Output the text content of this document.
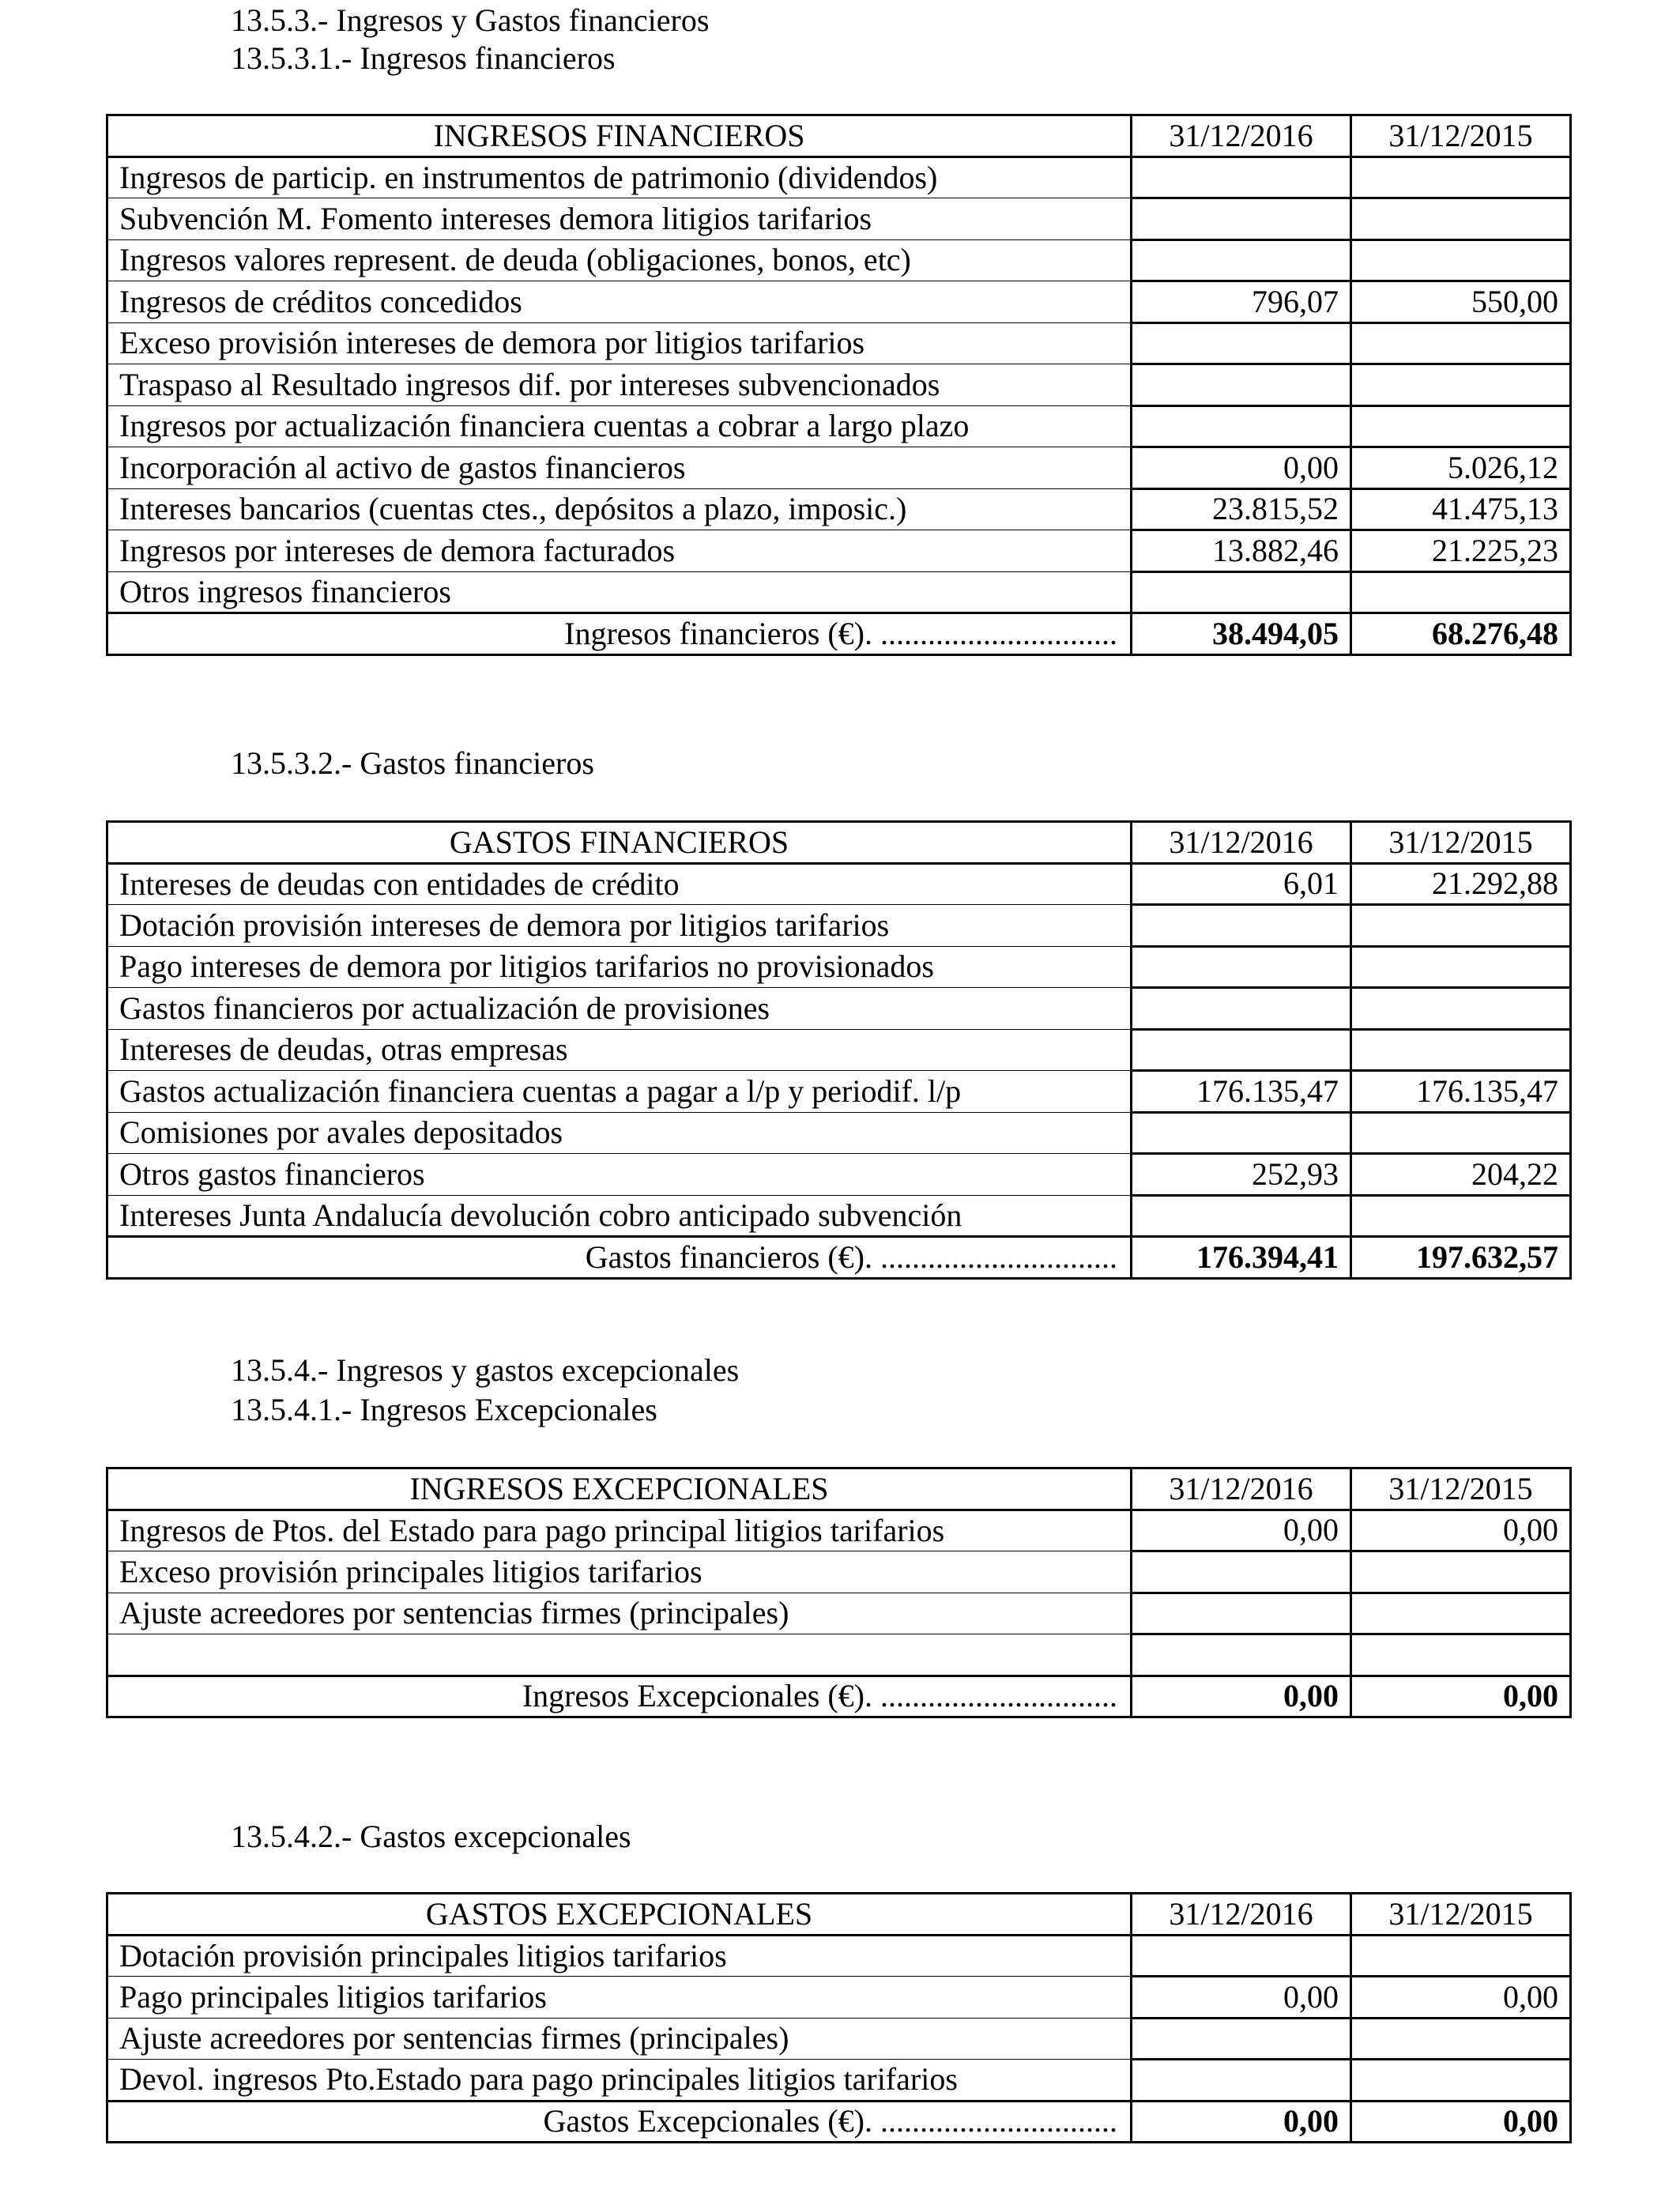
13.5.3.- Ingresos y Gastos financieros
13.5.3.1.- Ingresos financieros
INGRESOS FINANCIEROS	31/12/2016	31/12/2015
Ingresos de particip. en instrumentos de patrimonio (dividendos)		
Subvención M. Fomento intereses demora litigios tarifarios		
Ingresos valores represent. de deuda (obligaciones, bonos, etc)		
Ingresos de créditos concedidos	796,07	550,00
Exceso provisión intereses de demora por litigios tarifarios		
Traspaso al Resultado ingresos dif. por intereses subvencionados		
Ingresos por actualización financiera cuentas a cobrar a largo plazo		
Incorporación al activo de gastos financieros	0,00	5.026,12
Intereses bancarios (cuentas ctes., depósitos a plazo, imposic.)	23.815,52	41.475,13
Ingresos por intereses de demora facturados	13.882,46	21.225,23
Otros ingresos financieros		
Ingresos financieros (€). ..............................	38.494,05	68.276,48
13.5.3.2.- Gastos financieros
GASTOS FINANCIEROS	31/12/2016	31/12/2015
Intereses de deudas con entidades de crédito	6,01	21.292,88
Dotación provisión intereses de demora por litigios tarifarios		
Pago intereses de demora por litigios tarifarios no provisionados		
Gastos financieros por actualización de provisiones		
Intereses de deudas, otras empresas		
Gastos actualización financiera cuentas a pagar a l/p y periodif. l/p	176.135,47	176.135,47
Comisiones por avales depositados		
Otros gastos financieros	252,93	204,22
Intereses Junta Andalucía devolución cobro anticipado subvención		
Gastos financieros (€). ..............................	176.394,41	197.632,57
13.5.4.- Ingresos y gastos excepcionales
13.5.4.1.- Ingresos Excepcionales
INGRESOS EXCEPCIONALES	31/12/2016	31/12/2015
Ingresos de Ptos. del Estado para pago principal litigios tarifarios	0,00	0,00
Exceso provisión principales litigios tarifarios		
Ajuste acreedores por sentencias firmes (principales)		

Ingresos Excepcionales (€). ..............................	0,00	0,00
13.5.4.2.- Gastos excepcionales
GASTOS EXCEPCIONALES	31/12/2016	31/12/2015
Dotación provisión principales litigios tarifarios		
Pago principales litigios tarifarios	0,00	0,00
Ajuste acreedores por sentencias firmes (principales)		
Devol. ingresos Pto.Estado para pago principales litigios tarifarios		
Gastos Excepcionales (€). ..............................	0,00	0,00
